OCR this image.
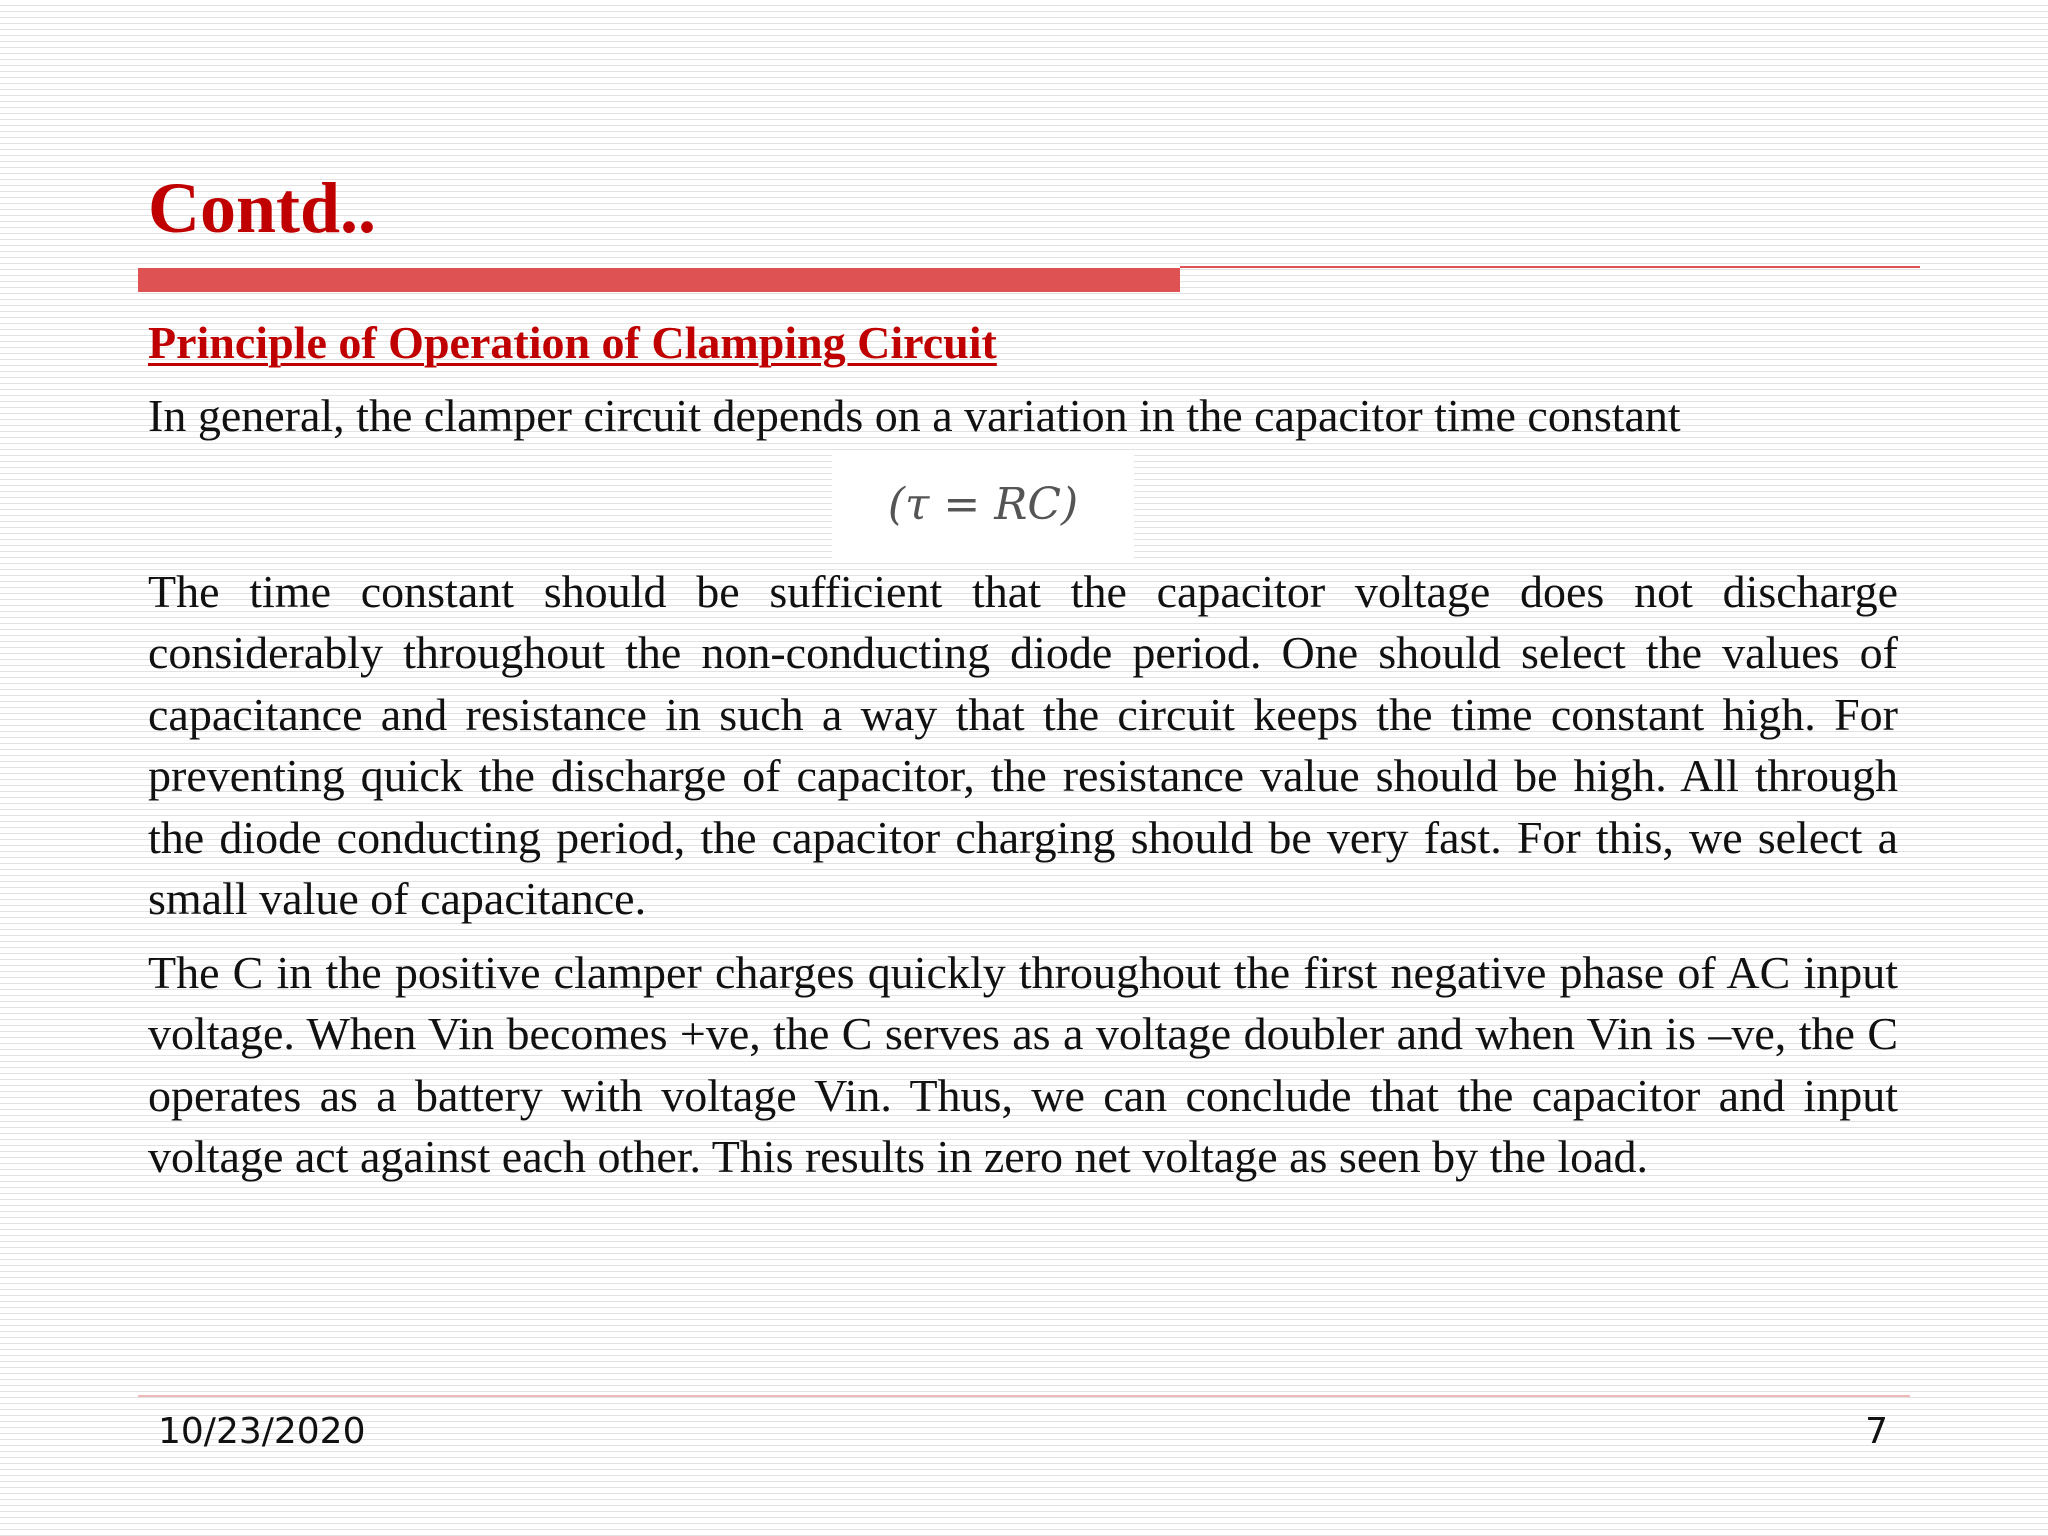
Contd..
Principle of Operation of Clamping Circuit

In general, the clamper circuit depends on a variation in the capacitor time constant

(τ = RC)

The time constant should be sufficient that the capacitor voltage does not discharge considerably throughout the non-conducting diode period. One should select the values of capacitance and resistance in such a way that the circuit keeps the time constant high. For preventing quick the discharge of capacitor, the resistance value should be high. All through the diode conducting period, the capacitor charging should be very fast. For this, we select a small value of capacitance.

The C in the positive clamper charges quickly throughout the first negative phase of AC input voltage. When Vin becomes +ve, the C serves as a voltage doubler and when Vin is –ve, the C operates as a battery with voltage Vin. Thus, we can conclude that the capacitor and input voltage act against each other. This results in zero net voltage as seen by the load.

10/23/2020	7
